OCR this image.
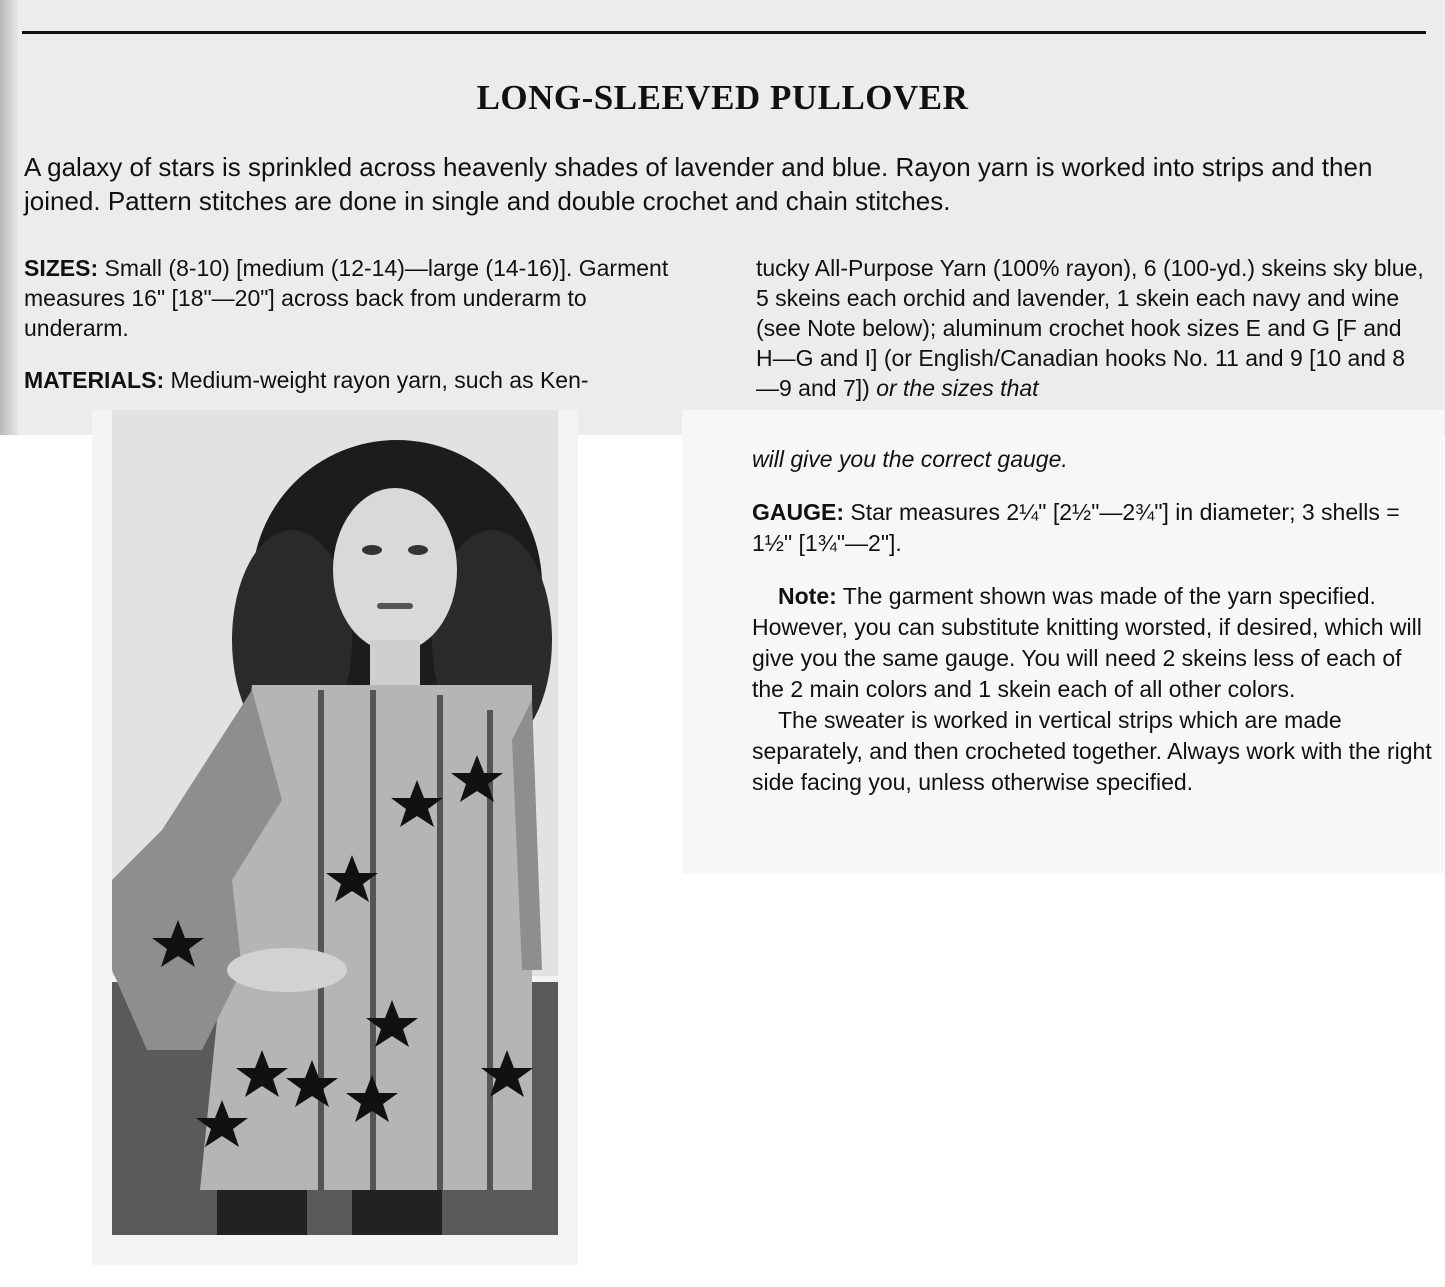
LONG-SLEEVED PULLOVER

A galaxy of stars is sprinkled across heavenly shades of lavender and blue. Rayon yarn is worked into strips and then joined. Pattern stitches are done in single and double crochet and chain stitches.

SIZES: Small (8-10) [medium (12-14)—large (14-16)]. Garment measures 16" [18"—20"] across back from underarm to underarm.

MATERIALS: Medium-weight rayon yarn, such as Ken-

tucky All-Purpose Yarn (100% rayon), 6 (100-yd.) skeins sky blue, 5 skeins each orchid and lavender, 1 skein each navy and wine (see Note below); aluminum crochet hook sizes E and G [F and H—G and I] (or English/Canadian hooks No. 11 and 9 [10 and 8—9 and 7]) or the sizes that

will give you the correct gauge.

GAUGE: Star measures 2¼" [2½"—2¾"] in diameter; 3 shells = 1½" [1¾"—2"].

Note: The garment shown was made of the yarn specified. However, you can substitute knitting worsted, if desired, which will give you the same gauge. You will need 2 skeins less of each of the 2 main colors and 1 skein each of all other colors.

The sweater is worked in vertical strips which are made separately, and then crocheted together. Always work with the right side facing you, unless otherwise specified.
